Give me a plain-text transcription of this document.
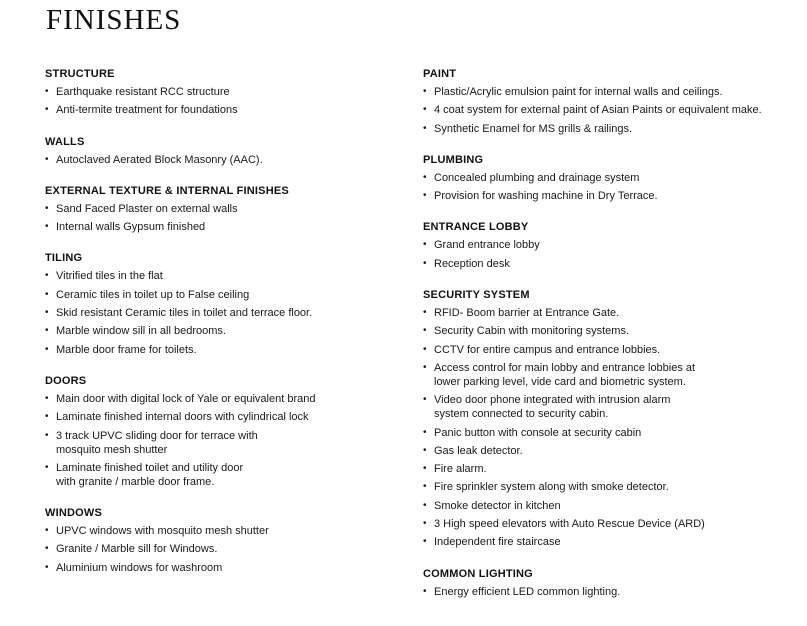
FINISHES
STRUCTURE
• Earthquake resistant RCC structure
• Anti-termite treatment for foundations
WALLS
• Autoclaved Aerated Block Masonry (AAC).
EXTERNAL TEXTURE & INTERNAL FINISHES
• Sand Faced Plaster on external walls
• Internal walls Gypsum finished
TILING
• Vitrified tiles in the flat
• Ceramic tiles in toilet up to False ceiling
• Skid resistant Ceramic tiles in toilet and terrace floor.
• Marble window sill in all bedrooms.
• Marble door frame for toilets.
DOORS
• Main door with digital lock of Yale or equivalent brand
• Laminate finished internal doors with cylindrical lock
• 3 track UPVC sliding door for terrace with
mosquito mesh shutter
• Laminate finished toilet and utility door
with granite / marble door frame.
WINDOWS
• UPVC windows with mosquito mesh shutter
• Granite / Marble sill for Windows.
• Aluminium windows for washroom
PAINT
• Plastic/Acrylic emulsion paint for internal walls and ceilings.
• 4 coat system for external paint of Asian Paints or equivalent make.
• Synthetic Enamel for MS grills & railings.
PLUMBING
• Concealed plumbing and drainage system
• Provision for washing machine in Dry Terrace.
ENTRANCE LOBBY
• Grand entrance lobby
• Reception desk
SECURITY SYSTEM
• RFID- Boom barrier at Entrance Gate.
• Security Cabin with monitoring systems.
• CCTV for entire campus and entrance lobbies.
• Access control for main lobby and entrance lobbies at
lower parking level, vide card and biometric system.
• Video door phone integrated with intrusion alarm
system connected to security cabin.
• Panic button with console at security cabin
• Gas leak detector.
• Fire alarm.
• Fire sprinkler system along with smoke detector.
• Smoke detector in kitchen
• 3 High speed elevators with Auto Rescue Device (ARD)
• Independent fire staircase
COMMON LIGHTING
• Energy efficient LED common lighting.
